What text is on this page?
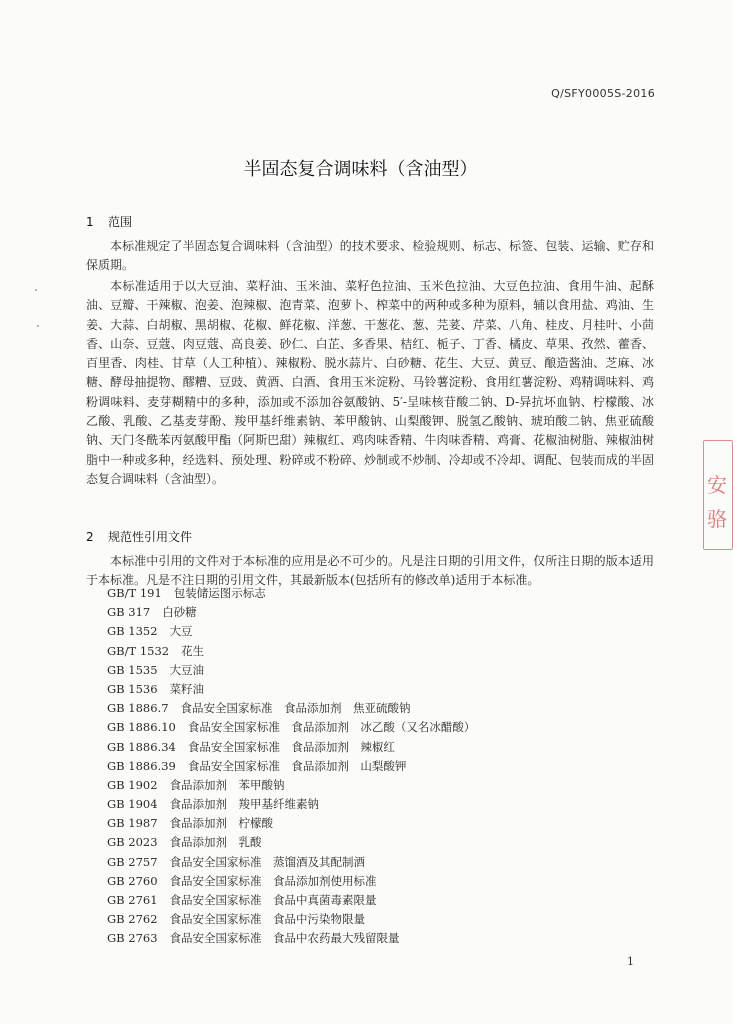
Q/SFY0005S-2016
半固态复合调味料（含油型）
1 范围

本标准规定了半固态复合调味料（含油型）的技术要求、检验规则、标志、标签、包装、运输、贮存和保质期。

本标准适用于以大豆油、菜籽油、玉米油、菜籽色拉油、玉米色拉油、大豆色拉油、食用牛油、起酥油、豆瓣、干辣椒、泡姜、泡辣椒、泡青菜、泡萝卜、榨菜中的两种或多种为原料，辅以食用盐、鸡油、生姜、大蒜、白胡椒、黑胡椒、花椒、鲜花椒、洋葱、干葱花、葱、芫荽、芹菜、八角、桂皮、月桂叶、小茴香、山奈、豆蔻、肉豆蔻、高良姜、砂仁、白芷、多香果、桔红、栀子、丁香、橘皮、草果、孜然、藿香、百里香、肉桂、甘草（人工种植）、辣椒粉、脱水蒜片、白砂糖、花生、大豆、黄豆、酿造酱油、芝麻、冰糖、酵母抽提物、醪糟、豆豉、黄酒、白酒、食用玉米淀粉、马铃薯淀粉、食用红薯淀粉、鸡精调味料、鸡粉调味料、麦芽糊精中的多种，添加或不添加谷氨酸钠、5′-呈味核苷酸二钠、D-异抗坏血钠、柠檬酸、冰乙酸、乳酸、乙基麦芽酚、羧甲基纤维素钠、苯甲酸钠、山梨酸钾、脱氢乙酸钠、琥珀酸二钠、焦亚硫酸钠、天门冬酰苯丙氨酸甲酯（阿斯巴甜）辣椒红、鸡肉味香精、牛肉味香精、鸡膏、花椒油树脂、辣椒油树脂中一种或多种，经选料、预处理、粉碎或不粉碎、炒制或不炒制、冷却或不冷却、调配、包装而成的半固态复合调味料（含油型）。

2 规范性引用文件

本标准中引用的文件对于本标准的应用是必不可少的。凡是注日期的引用文件，仅所注日期的版本适用于本标准。凡是不注日期的引用文件，其最新版本(包括所有的修改单)适用于本标准。

GB/T 191 包装储运图示标志
GB 317 白砂糖
GB 1352 大豆
GB/T 1532 花生
GB 1535 大豆油
GB 1536 菜籽油
GB 1886.7 食品安全国家标准　食品添加剂　焦亚硫酸钠
GB 1886.10 食品安全国家标准　食品添加剂　冰乙酸（又名冰醋酸）
GB 1886.34 食品安全国家标准　食品添加剂　辣椒红
GB 1886.39 食品安全国家标准　食品添加剂　山梨酸钾
GB 1902 食品添加剂　苯甲酸钠
GB 1904 食品添加剂　羧甲基纤维素钠
GB 1987 食品添加剂　柠檬酸
GB 2023 食品添加剂　乳酸
GB 2757 食品安全国家标准　蒸馏酒及其配制酒
GB 2760 食品安全国家标准　食品添加剂使用标准
GB 2761 食品安全国家标准　食品中真菌毒素限量
GB 2762 食品安全国家标准　食品中污染物限量
GB 2763 食品安全国家标准　食品中农药最大残留限量
1
安
骆
